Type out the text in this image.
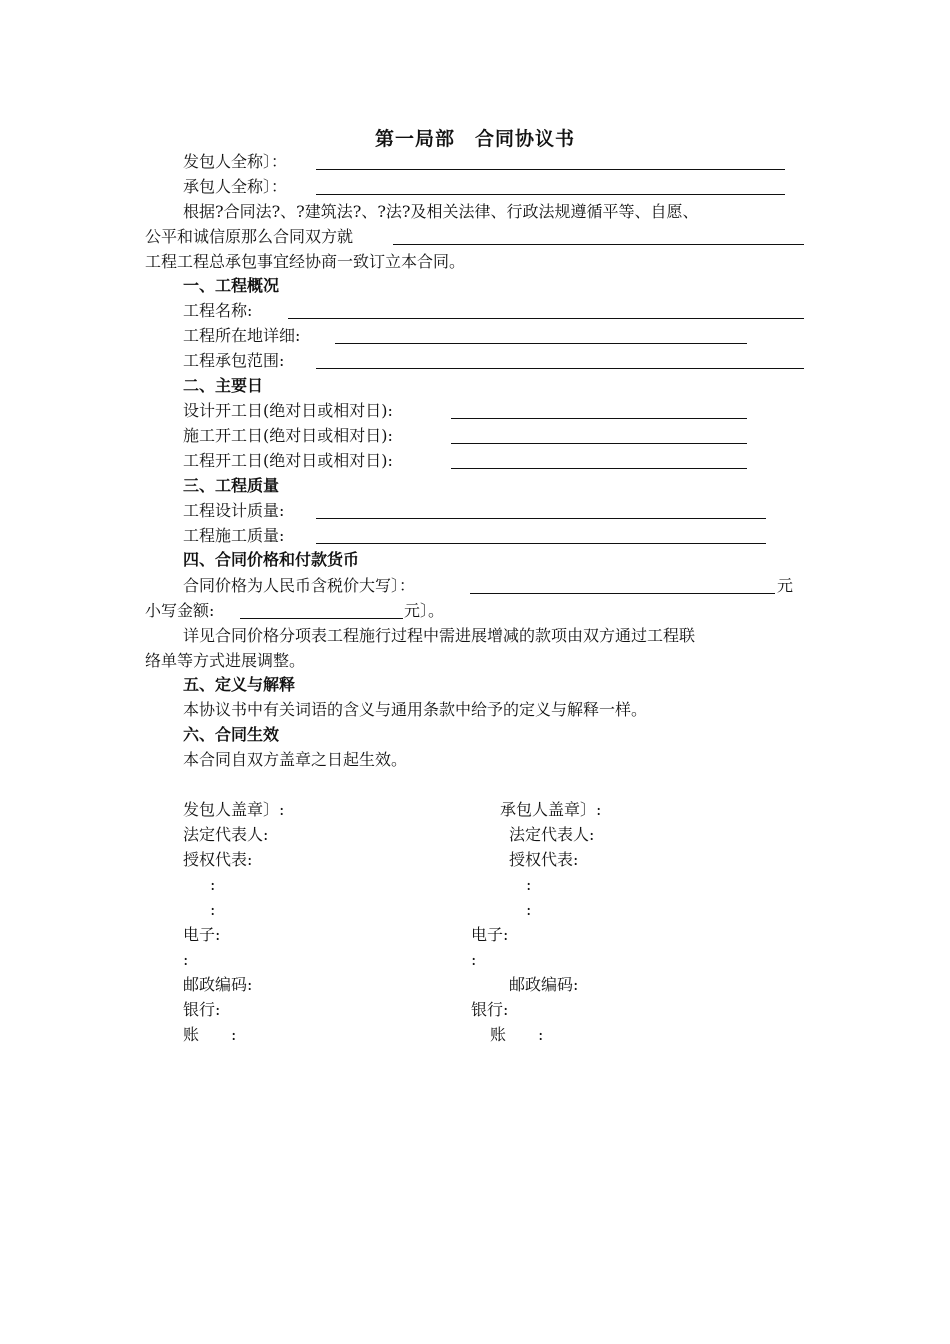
第一局部　合同协议书
发包人全称〕：
承包人全称〕：
根据?合同法?、?建筑法?、?法?及相关法律、行政法规遵循平等、自愿、
公平和诚信原那么合同双方就
工程工程总承包事宜经协商一致订立本合同。
一、工程概况
工程名称:
工程所在地详细:
工程承包范围:
二、主要日
设计开工日(绝对日或相对日):
施工开工日(绝对日或相对日):
工程开工日(绝对日或相对日):
三、工程质量
工程设计质量:
工程施工质量:
四、合同价格和付款货币
合同价格为人民币含税价大写〕：	元
小写金额:	元〕。
详见合同价格分项表工程施行过程中需进展增减的款项由双方通过工程联
络单等方式进展调整。
五、定义与解释
本协议书中有关词语的含义与通用条款中给予的定义与解释一样。
六、合同生效
本合同自双方盖章之日起生效。
发包人盖章〕:
法定代表人:
授权代表:
:
:
电子:
:
邮政编码:
银行:
账　　:
承包人盖章〕:
法定代表人:
授权代表:
:
:
电子:
:
邮政编码:
银行:
账　　:
